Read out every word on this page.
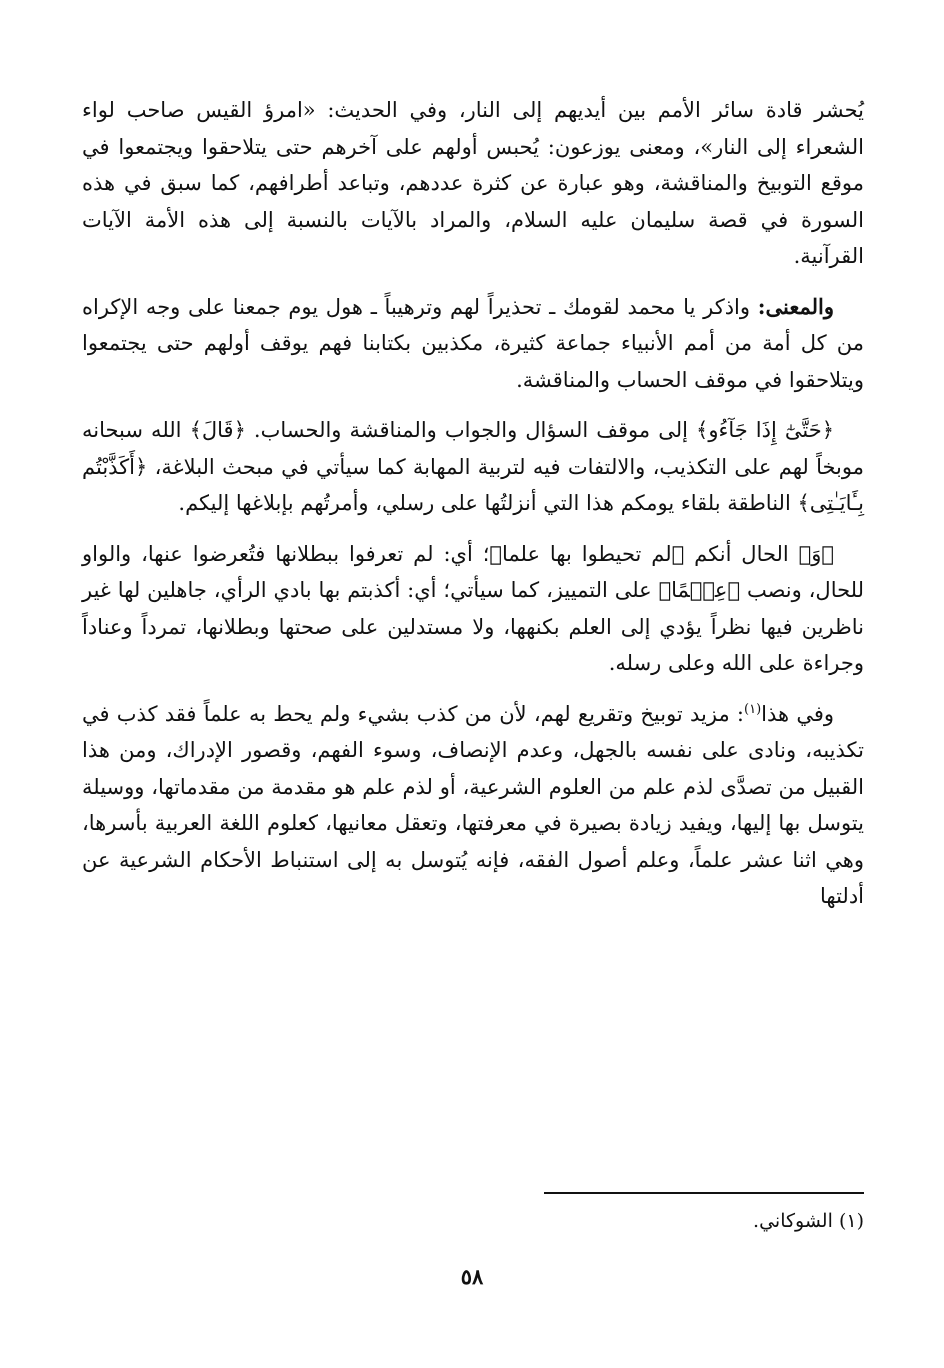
يُحشر قادة سائر الأمم بين أيديهم إلى النار، وفي الحديث: «امرؤ القيس صاحب لواء الشعراء إلى النار»، ومعنى يوزعون: يُحبس أولهم على آخرهم حتى يتلاحقوا ويجتمعوا في موقع التوبيخ والمناقشة، وهو عبارة عن كثرة عددهم، وتباعد أطرافهم، كما سبق في هذه السورة في قصة سليمان عليه السلام، والمراد بالآيات بالنسبة إلى هذه الأمة الآيات القرآنية.

والمعنى: واذكر يا محمد لقومك ـ تحذيراً لهم وترهيباً ـ هول يوم جمعنا على وجه الإكراه من كل أمة من أمم الأنبياء جماعة كثيرة، مكذبين بكتابنا فهم يوقف أولهم حتى يجتمعوا ويتلاحقوا في موقف الحساب والمناقشة.

﴿حَتَّىٰٓ إِذَا جَآءُو﴾ إلى موقف السؤال والجواب والمناقشة والحساب. ﴿قَالَ﴾ الله سبحانه موبخاً لهم على التكذيب، والالتفات فيه لتربية المهابة كما سيأتي في مبحث البلاغة، ﴿أَكَذَّبْتُم بِـَٔايَـٰتِى﴾ الناطقة بلقاء يومكم هذا التي أنزلتُها على رسلي، وأمرتُهم بإبلاغها إليكم.

﴿وَ﴾ الحال أنكم ﴿لم تحيطوا بها علما﴾؛ أي: لم تعرفوا ببطلانها فتُعرضوا عنها، والواو للحال، ونصب ﴿عِلۡمًا﴾ على التمييز، كما سيأتي؛ أي: أكذبتم بها بادي الرأي، جاهلين لها غير ناظرين فيها نظراً يؤدي إلى العلم بكنهها، ولا مستدلين على صحتها وبطلانها، تمرداً وعناداً وجراءة على الله وعلى رسله.

وفي هذا$^{(١)}$: مزيد توبيخ وتقريع لهم، لأن من كذب بشيء ولم يحط به علماً فقد كذب في تكذيبه، ونادى على نفسه بالجهل، وعدم الإنصاف، وسوء الفهم، وقصور الإدراك، ومن هذا القبيل من تصدَّى لذم علم من العلوم الشرعية، أو لذم علم هو مقدمة من مقدماتها، ووسيلة يتوسل بها إليها، ويفيد زيادة بصيرة في معرفتها، وتعقل معانيها، كعلوم اللغة العربية بأسرها، وهي اثنا عشر علماً، وعلم أصول الفقه، فإنه يُتوسل به إلى استنباط الأحكام الشرعية عن أدلتها

(١) الشوكاني.
٥٨
